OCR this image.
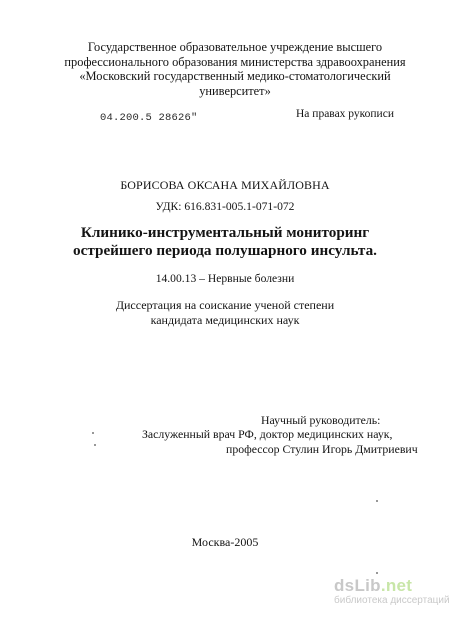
Государственное образовательное учреждение высшего
профессионального образования министерства здравоохранения
«Московский государственный медико-стоматологический
университет»
04.200.5 28626"	На правах рукописи
БОРИСОВА ОКСАНА МИХАЙЛОВНА
УДК: 616.831-005.1-071-072
Клинико-инструментальный мониторинг
острейшего периода полушарного инсульта.
14.00.13 – Нервные болезни
Диссертация на соискание ученой степени
кандидата медицинских наук
Научный руководитель:
Заслуженный врач РФ, доктор медицинских наук,
профессор Стулин Игорь Дмитриевич
Москва-2005
dsLib.net
библиотека диссертаций
